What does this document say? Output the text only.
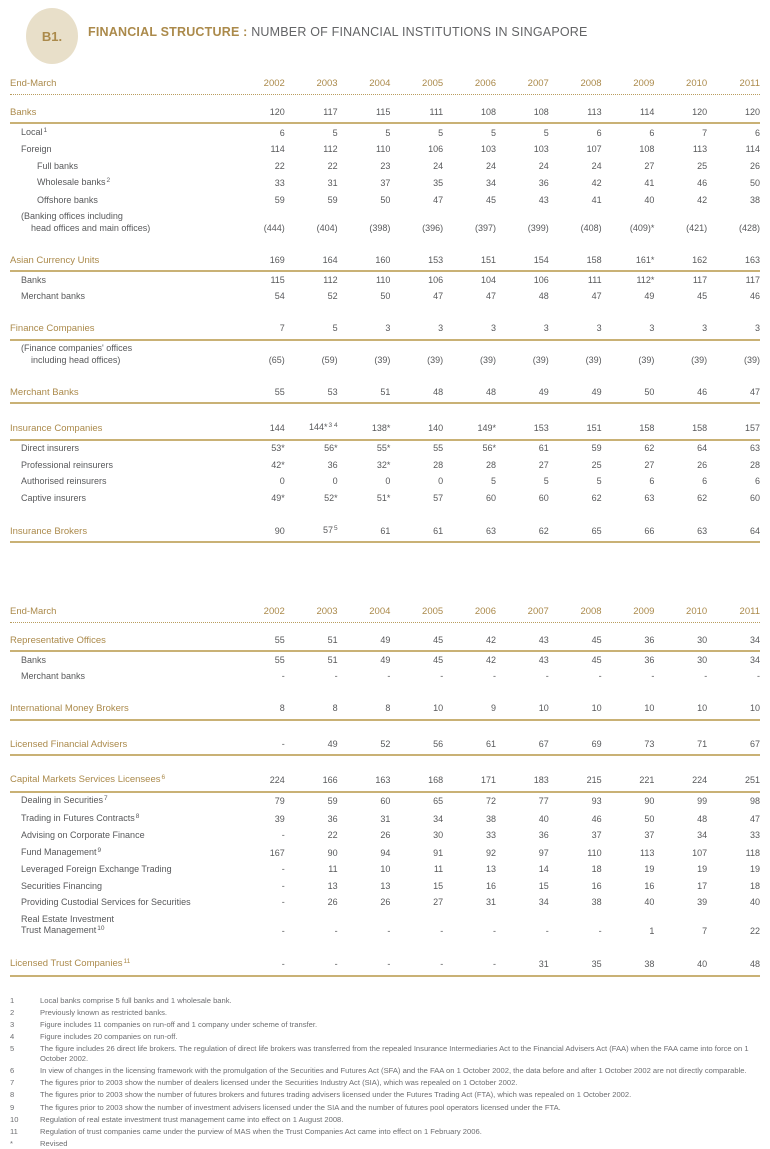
B1. FINANCIAL STRUCTURE : NUMBER OF FINANCIAL INSTITUTIONS IN SINGAPORE
End-March	2002	2003	2004	2005	2006	2007	2008	2009	2010	2011
Banks	120	117	115	111	108	108	113	114	120	120
Local$^1$	6	5	5	5	5	5	6	6	7	6
Foreign	114	112	110	106	103	103	107	108	113	114
Full banks	22	22	23	24	24	24	24	27	25	26
Wholesale banks$^2$	33	31	37	35	34	36	42	41	46	50
Offshore banks	59	59	50	47	45	43	41	40	42	38
(Banking offices including
head offices and main offices)	(444)	(404)	(398)	(396)	(397)	(399)	(408)	(409)*	(421)	(428)
Asian Currency Units	169	164	160	153	151	154	158	161*	162	163
Banks	115	112	110	106	104	106	111	112*	117	117
Merchant banks	54	52	50	47	47	48	47	49	45	46
Finance Companies	7	5	3	3	3	3	3	3	3	3
(Finance companies' offices
including head offices)	(65)	(59)	(39)	(39)	(39)	(39)	(39)	(39)	(39)	(39)
Merchant Banks	55	53	51	48	48	49	49	50	46	47
Insurance Companies	144	144*$^{3 4}$	138*	140	149*	153	151	158	158	157
Direct insurers	53*	56*	55*	55	56*	61	59	62	64	63
Professional reinsurers	42*	36	32*	28	28	27	25	27	26	28
Authorised reinsurers	0	0	0	0	5	5	5	6	6	6
Captive insurers	49*	52*	51*	57	60	60	62	63	62	60
Insurance Brokers	90	$57^5$	61	61	63	62	65	66	63	64
End-March	2002	2003	2004	2005	2006	2007	2008	2009	2010	2011
Representative Offices	55	51	49	45	42	43	45	36	30	34
Banks	55	51	49	45	42	43	45	36	30	34
Merchant banks	-	-	-	-	-	-	-	-	-	-
International Money Brokers	8	8	8	10	9	10	10	10	10	10
Licensed Financial Advisers	-	49	52	56	61	67	69	73	71	67
Capital Markets Services Licensees$^6$	224	166	163	168	171	183	215	221	224	251
Dealing in Securities$^7$	79	59	60	65	72	77	93	90	99	98
Trading in Futures Contracts$^8$	39	36	31	34	38	40	46	50	48	47
Advising on Corporate Finance	-	22	26	30	33	36	37	37	34	33
Fund Management$^9$	167	90	94	91	92	97	110	113	107	118
Leveraged Foreign Exchange Trading	-	11	10	11	13	14	18	19	19	19
Securities Financing	-	13	13	15	16	15	16	16	17	18
Providing Custodial Services for Securities	-	26	26	27	31	34	38	40	39	40
Real Estate Investment
Trust Management$^{10}$	-	-	-	-	-	-	-	1	7	22
Licensed Trust Companies$^{11}$	-	-	-	-	-	31	35	38	40	48
1	Local banks comprise 5 full banks and 1 wholesale bank.
2	Previously known as restricted banks.
3	Figure includes 11 companies on run-off and 1 company under scheme of transfer.
4	Figure includes 20 companies on run-off.
5	The figure includes 26 direct life brokers. The regulation of direct life brokers was transferred from the repealed Insurance Intermediaries Act to the Financial Advisers Act (FAA) when the FAA came into force on 1 October 2002.
6	In view of changes in the licensing framework with the promulgation of the Securities and Futures Act (SFA) and the FAA on 1 October 2002, the data before and after 1 October 2002 are not directly comparable.
7	The figures prior to 2003 show the number of dealers licensed under the Securities Industry Act (SIA), which was repealed on 1 October 2002.
8	The figures prior to 2003 show the number of futures brokers and futures trading advisers licensed under the Futures Trading Act (FTA), which was repealed on 1 October 2002.
9	The figures prior to 2003 show the number of investment advisers licensed under the SIA and the number of futures pool operators licensed under the FTA.
10	Regulation of real estate investment trust management came into effect on 1 August 2008.
11	Regulation of trust companies came under the purview of MAS when the Trust Companies Act came into effect on 1 February 2006.
*	Revised
